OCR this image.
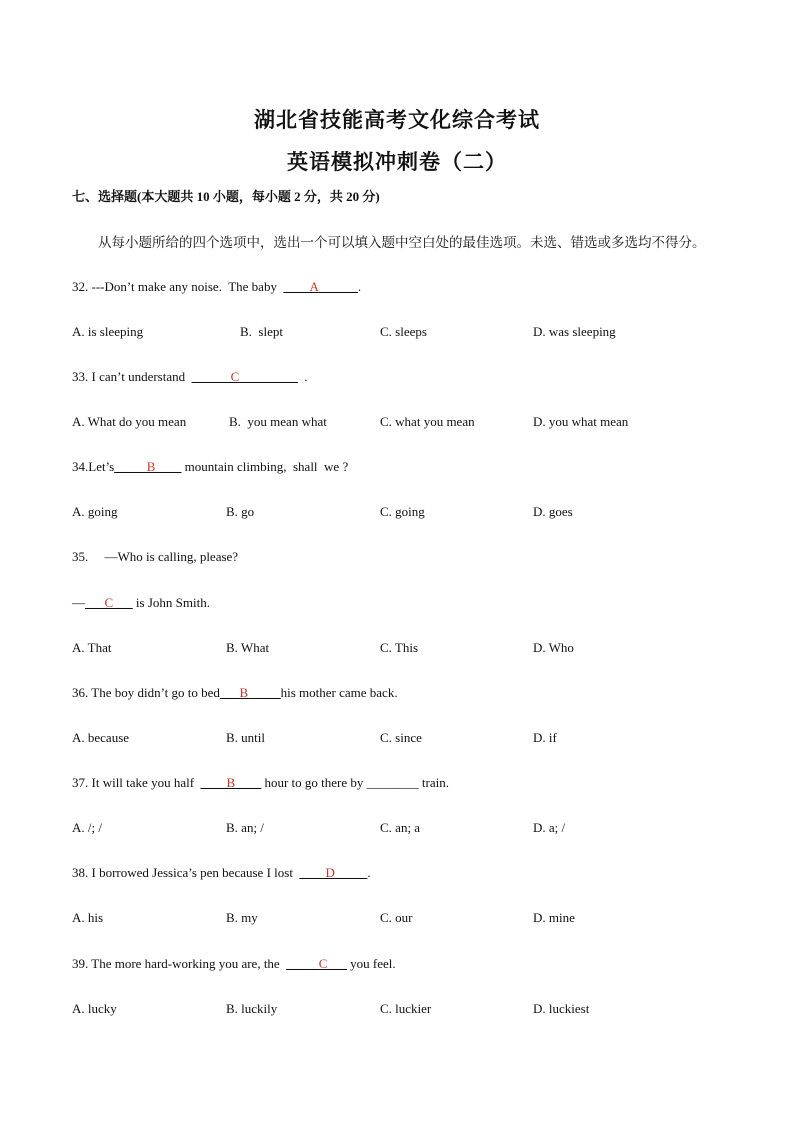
湖北省技能高考文化综合考试
英语模拟冲刺卷（二）
七、选择题(本大题共 10 小题，每小题 2 分，共 20 分)
从每小题所给的四个选项中，选出一个可以填入题中空白处的最佳选项。未选、错选或多选均不得分。
32. ---Don’t make any noise.  The baby  ____A______.
A. is sleeping	B.  slept	C. sleeps	D. was sleeping
33. I can’t understand  ______C_________  .
A. What do you mean	B.  you mean what	C. what you mean	D. you what mean
34.Let’s_____B____ mountain climbing,  shall  we ?
A. going	B. go	C. going	D. goes
35.     —Who is calling, please?
—___C___ is John Smith.
A. That	B. What	C. This	D. Who
36. The boy didn’t go to bed___B_____his mother came back.
A. because	B. until	C. since	D. if
37. It will take you half  ____B____ hour to go there by ________ train.
A. /; /	B. an; /	C. an; a	D. a; /
38. I borrowed Jessica’s pen because I lost  ____D_____.
A. his	B. my	C. our	D. mine
39. The more hard-working you are, the  _____C___ you feel.
A. lucky	B. luckily	C. luckier	D. luckiest
